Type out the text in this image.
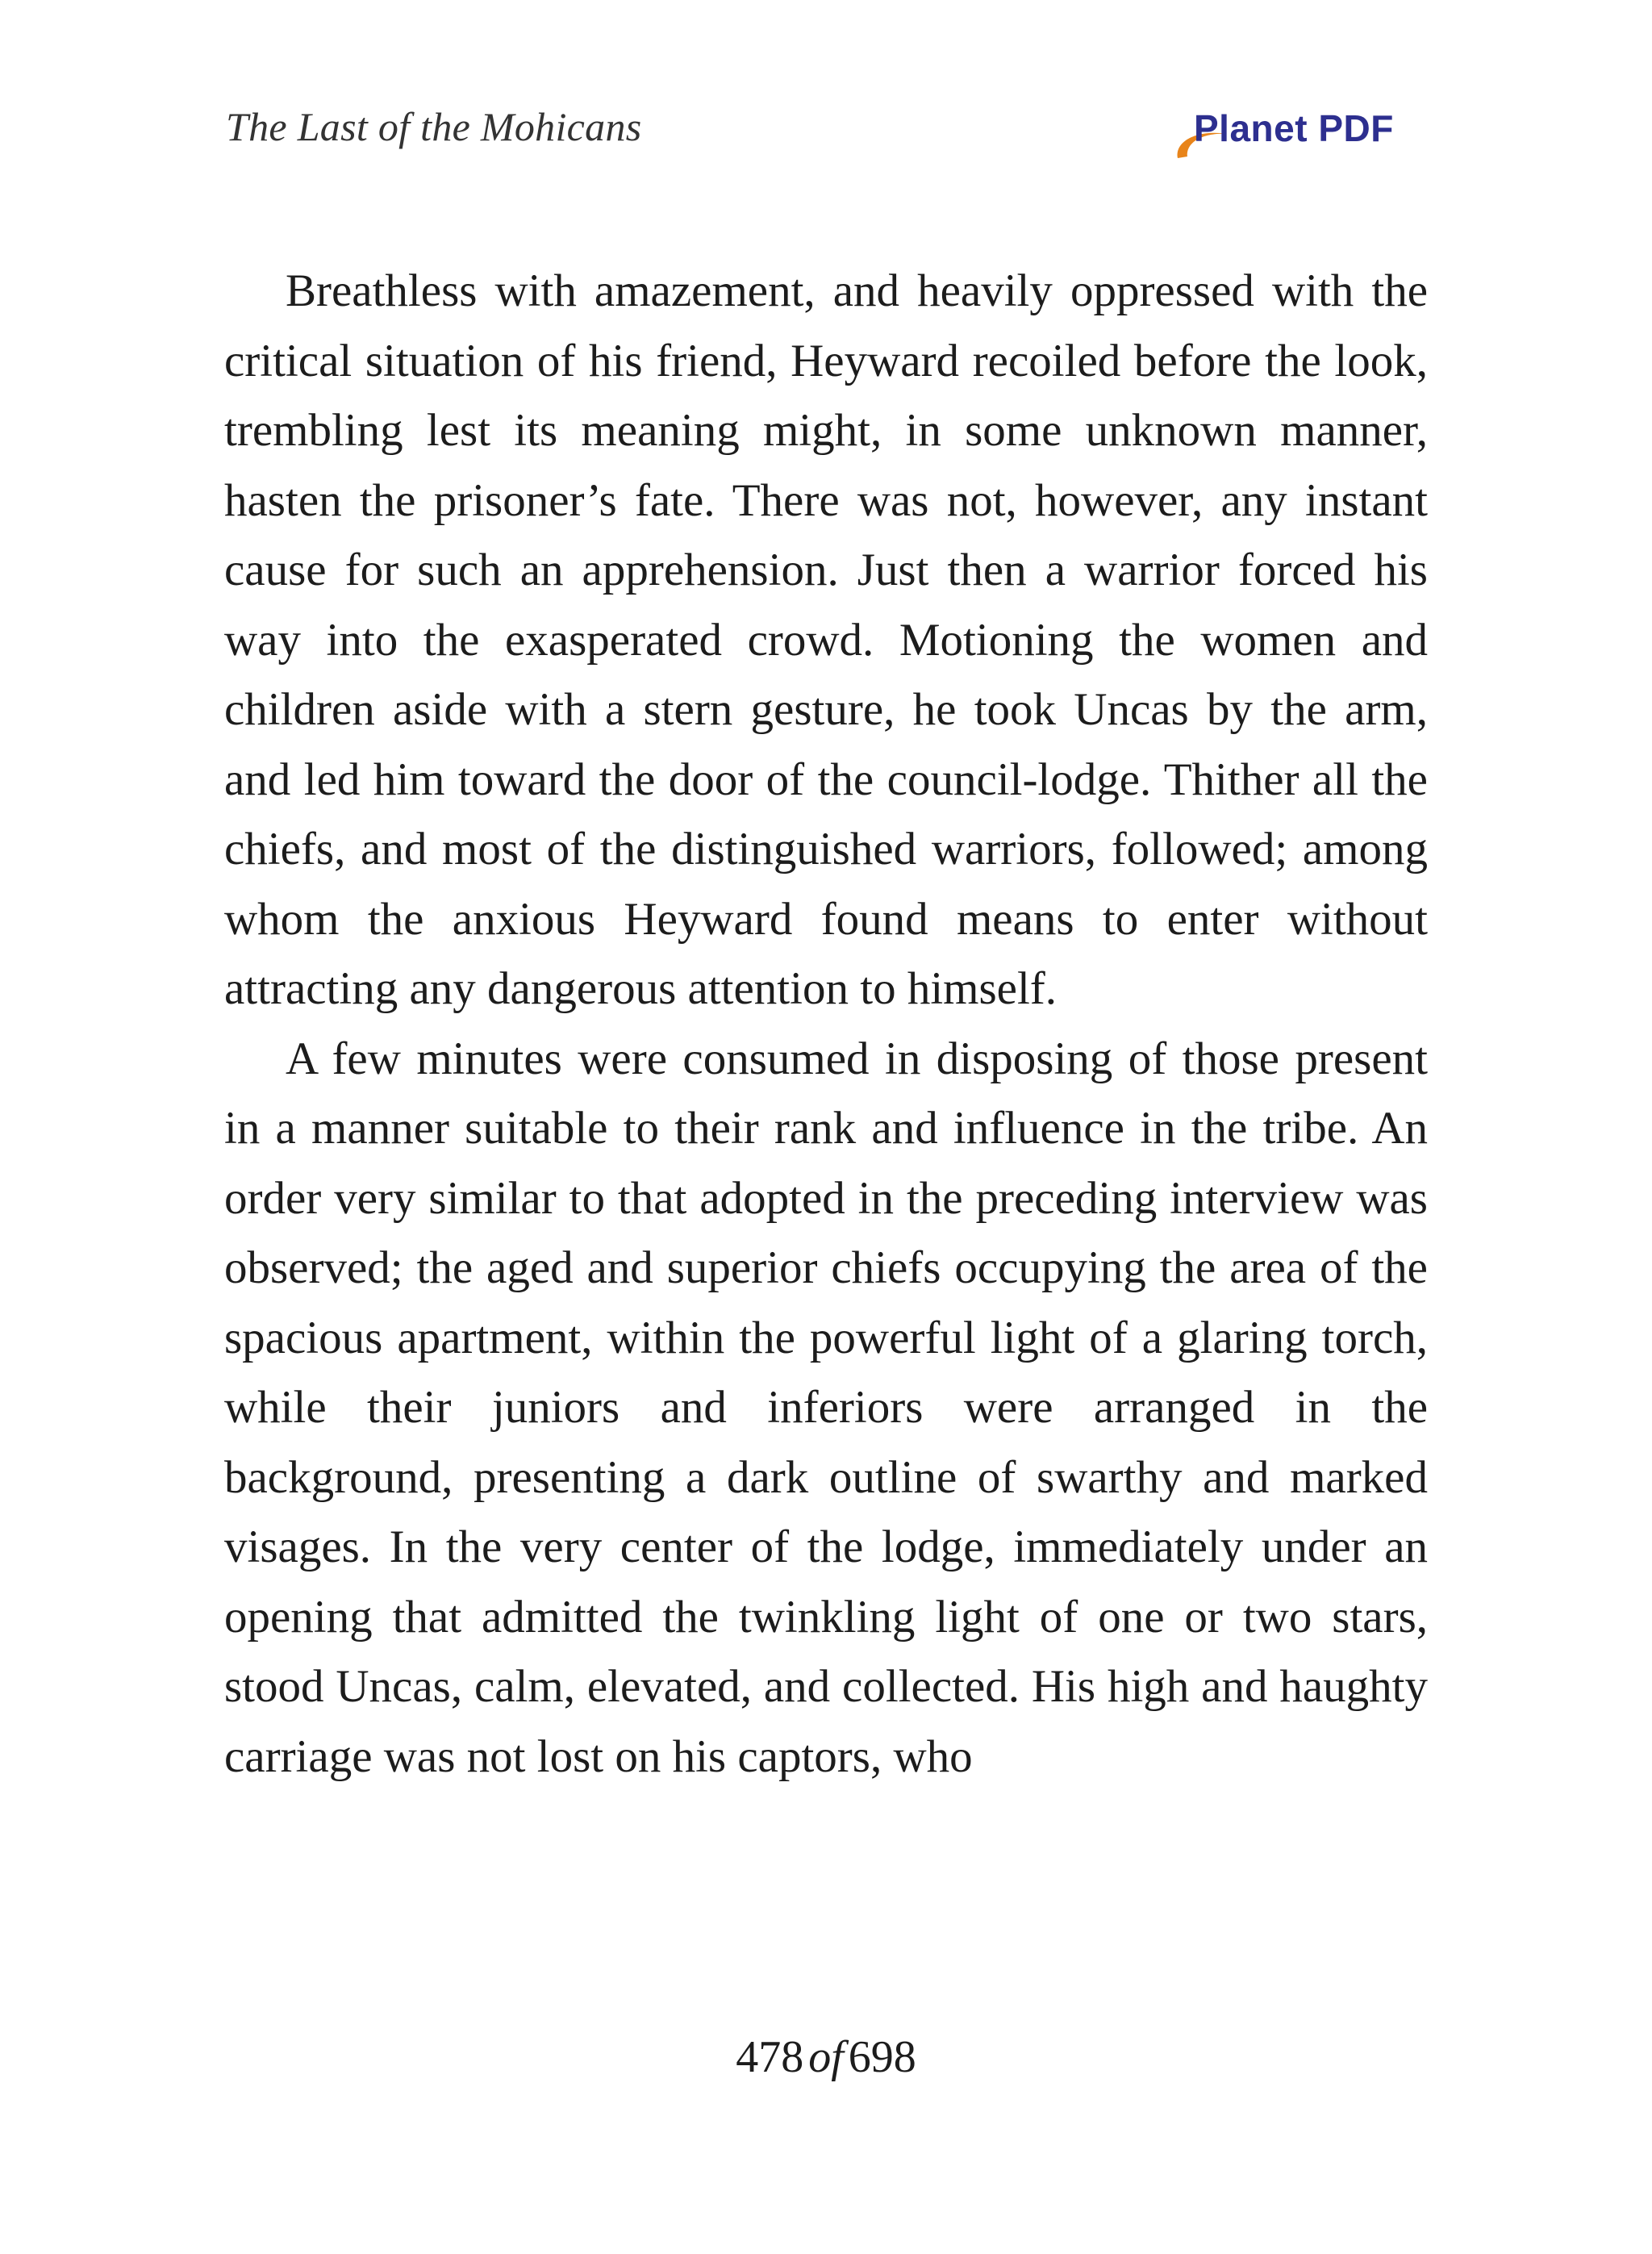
The Last of the Mohicans	Planet PDF

Breathless with amazement, and heavily oppressed with the critical situation of his friend, Heyward recoiled before the look, trembling lest its meaning might, in some unknown manner, hasten the prisoner’s fate. There was not, however, any instant cause for such an apprehension. Just then a warrior forced his way into the exasperated crowd. Motioning the women and children aside with a stern gesture, he took Uncas by the arm, and led him toward the door of the council-lodge. Thither all the chiefs, and most of the distinguished warriors, followed; among whom the anxious Heyward found means to enter without attracting any dangerous attention to himself.

A few minutes were consumed in disposing of those present in a manner suitable to their rank and influence in the tribe. An order very similar to that adopted in the preceding interview was observed; the aged and superior chiefs occupying the area of the spacious apartment, within the powerful light of a glaring torch, while their juniors and inferiors were arranged in the background, presenting a dark outline of swarthy and marked visages. In the very center of the lodge, immediately under an opening that admitted the twinkling light of one or two stars, stood Uncas, calm, elevated, and collected. His high and haughty carriage was not lost on his captors, who

478 of 698
